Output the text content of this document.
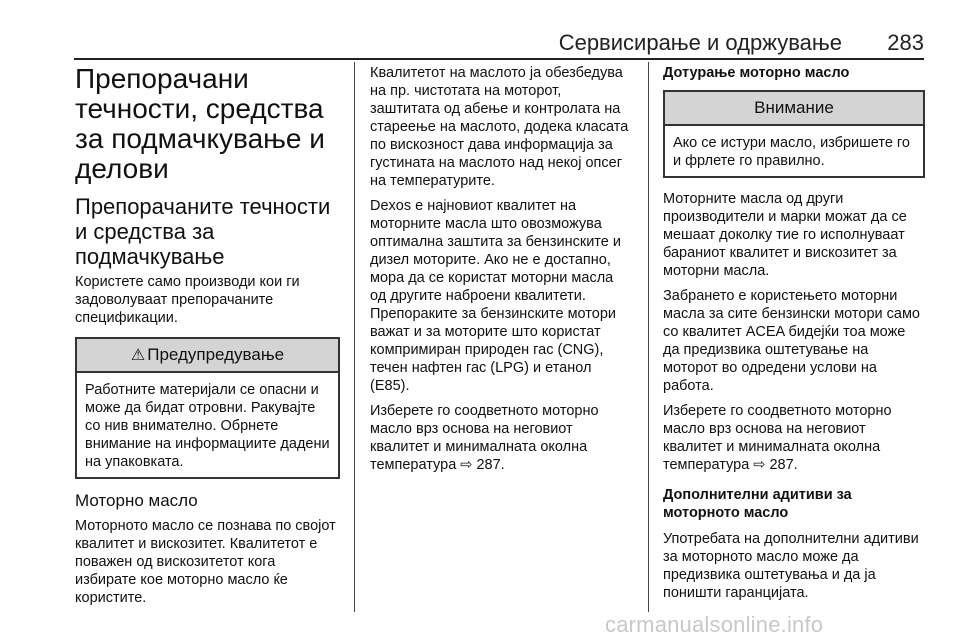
Сервисирање и одржување 283
Препорачани течности, средства за подмачкување и делови
Препорачаните течности и средства за подмачкување
Користете само производи кои ги задоволуваат препорачаните спецификации.
⚠ Предупредување
Работните материјали се опасни и може да бидат отровни. Ракувајте со нив внимателно. Обрнете внимание на информациите дадени на упаковката.
Моторно масло
Моторното масло се познава по својот квалитет и вискозитет. Квалитетот е поважен од вискозитетот кога избирате кое моторно масло ќе користите.
Квалитетот на маслото ја обезбедува на пр. чистотата на моторот, заштитата од абење и контролата на стареење на маслото, додека класата по вискозност дава информација за густината на маслото над некој опсег на температурите.
Dexos е најновиот квалитет на моторните масла што овозможува оптимална заштита за бензинските и дизел моторите. Ако не е достапно, мора да се користат моторни масла од другите наброени квалитети. Препораките за бензинските мотори важат и за моторите што користат компримиран природен гас (CNG), течен нафтен гас (LPG) и етанол (E85).
Изберете го соодветното моторно масло врз основа на неговиот квалитет и минималната околна температура ⇨ 287.
Дотурање моторно масло
Внимание
Ако се истури масло, избришете го и фрлете го правилно.
Моторните масла од други производители и марки можат да се мешаат доколку тие го исполнуваат бараниот квалитет и вискозитет за моторни масла.
Забрането е користењето моторни масла за сите бензински мотори само со квалитет ACEA бидејќи тоа може да предизвика оштетување на моторот во одредени услови на работа.
Изберете го соодветното моторно масло врз основа на неговиот квалитет и минималната околна температура ⇨ 287.
Дополнителни адитиви за моторното масло
Употребата на дополнителни адитиви за моторното масло може да предизвика оштетувања и да ја поништи гаранцијата.
carmanualsonline.info
